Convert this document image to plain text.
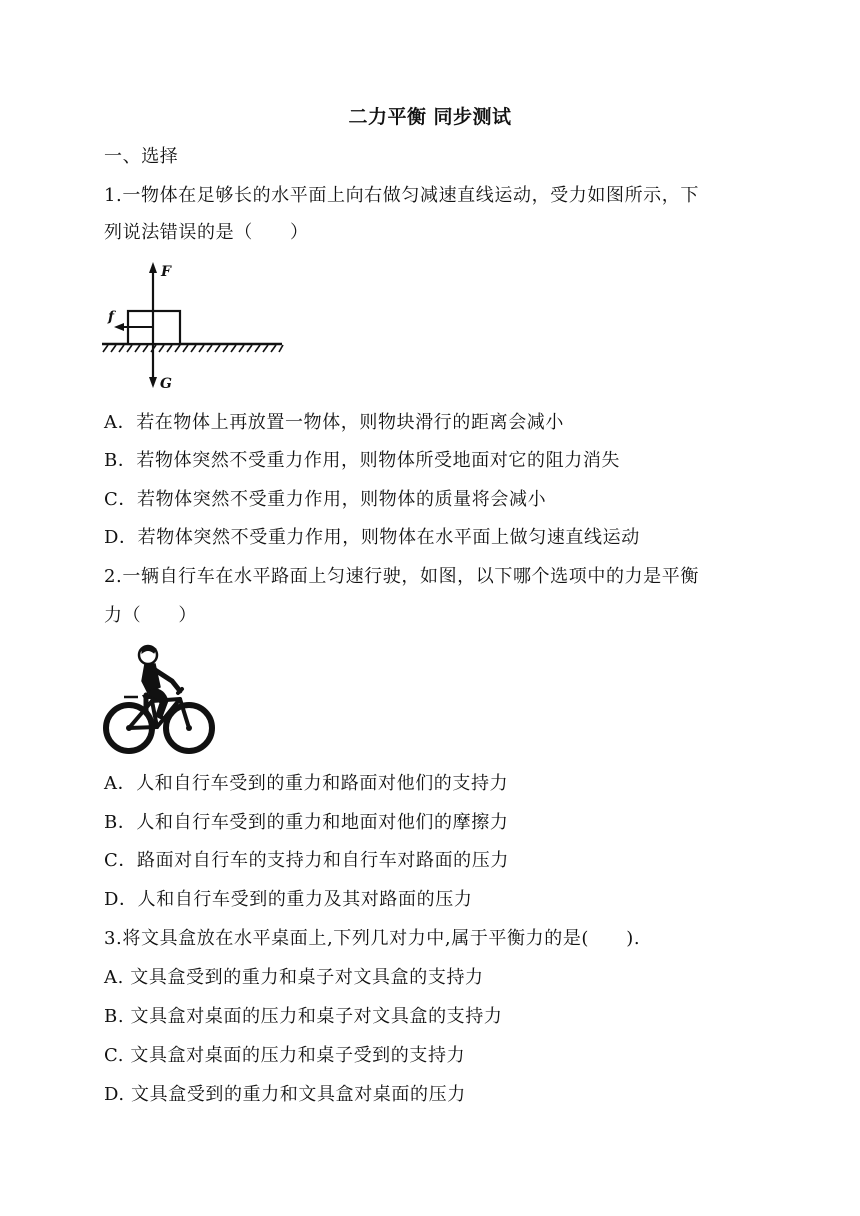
二力平衡 同步测试
一、选择
1.一物体在足够长的水平面上向右做匀减速直线运动，受力如图所示，下
列说法错误的是（　　）
F
f
G
A．若在物体上再放置一物体，则物块滑行的距离会减小
B．若物体突然不受重力作用，则物体所受地面对它的阻力消失
C．若物体突然不受重力作用，则物体的质量将会减小
D．若物体突然不受重力作用，则物体在水平面上做匀速直线运动
2.一辆自行车在水平路面上匀速行驶，如图，以下哪个选项中的力是平衡
力（　　）
A．人和自行车受到的重力和路面对他们的支持力
B．人和自行车受到的重力和地面对他们的摩擦力
C．路面对自行车的支持力和自行车对路面的压力
D．人和自行车受到的重力及其对路面的压力
3.将文具盒放在水平桌面上,下列几对力中,属于平衡力的是(　　).
A. 文具盒受到的重力和桌子对文具盒的支持力
B. 文具盒对桌面的压力和桌子对文具盒的支持力
C. 文具盒对桌面的压力和桌子受到的支持力
D. 文具盒受到的重力和文具盒对桌面的压力
